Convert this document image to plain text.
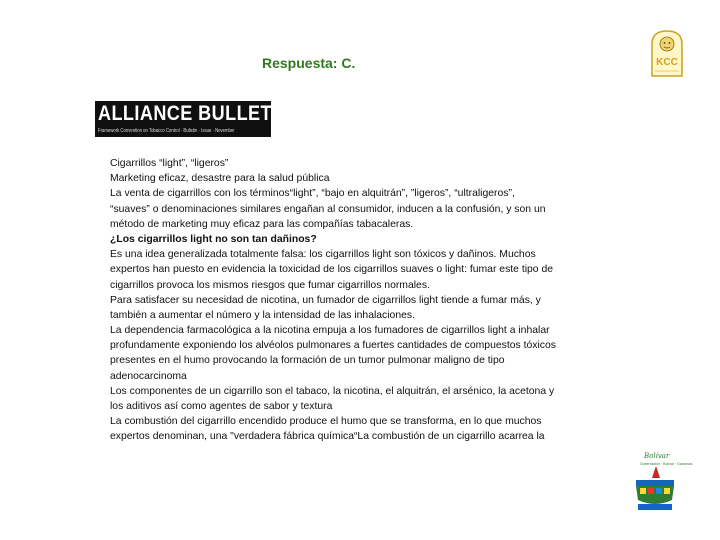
Respuesta: C.	KCC
ALLIANCE BULLETIN
Framework Convention on Tobacco Control · Bulletin · Issue · November
Cigarrillos “light”, “ligeros”
Marketing eficaz, desastre para la salud pública
La venta de cigarrillos con los términos“light”, “bajo en alquitrán”, ”ligeros”, “ultraligeros”,
“suaves” o denominaciones similares engañan al consumidor, inducen a la confusión, y son un
método de marketing muy eficaz para las compañías tabacaleras.
¿Los cigarrillos light no son tan dañinos?
Es una idea generalizada totalmente falsa: los cigarrillos light son tóxicos y dañinos. Muchos
expertos han puesto en evidencia la toxicidad de los cigarrillos suaves o light: fumar este tipo de
cigarrillos provoca los mismos riesgos que fumar cigarrillos normales.
Para satisfacer su necesidad de nicotina, un fumador de cigarrillos light tiende a fumar más, y
también a aumentar el número y la intensidad de las inhalaciones.
La dependencia farmacológica a la nicotina empuja a los fumadores de cigarrillos light a inhalar
profundamente exponiendo los alvéolos pulmonares a fuertes cantidades de compuestos tóxicos
presentes en el humo provocando la formación de un tumor pulmonar maligno de tipo
adenocarcinoma
Los componentes de un cigarrillo son el tabaco, la nicotina, el alquitrán, el arsénico, la acetona y
los aditivos así como agentes de sabor y textura
La combustión del cigarrillo encendido produce el humo que se transforma, en lo que muchos
expertos denominan, una "verdadera fábrica química“La combustión de un cigarrillo acarrea la
Bolívar
Gobernación · Bolívar · Ganamos
